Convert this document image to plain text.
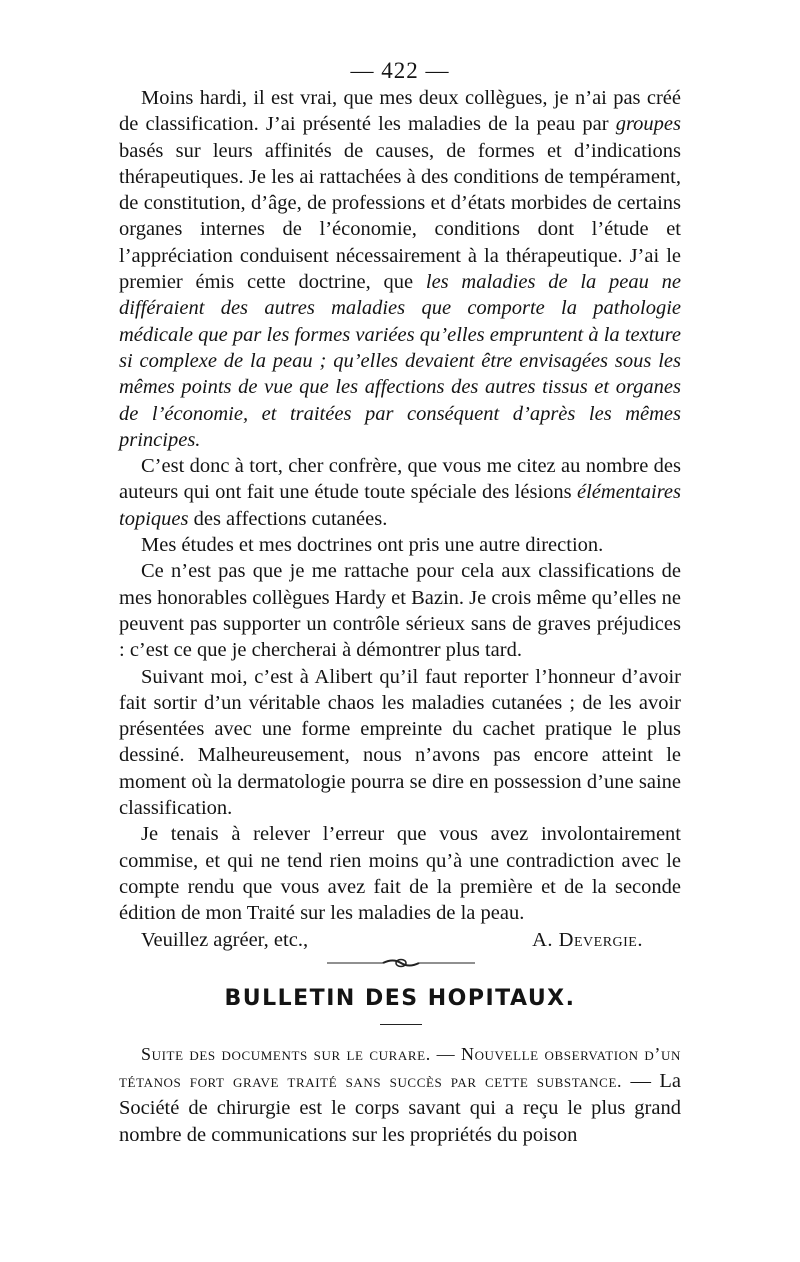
— 422 —

Moins hardi, il est vrai, que mes deux collègues, je n’ai pas créé de classification. J’ai présenté les maladies de la peau par groupes basés sur leurs affinités de causes, de formes et d’indications thérapeutiques. Je les ai rattachées à des conditions de tempérament, de constitution, d’âge, de professions et d’états morbides de certains organes internes de l’économie, conditions dont l’étude et l’appréciation conduisent nécessairement à la thérapeutique. J’ai le premier émis cette doctrine, que les maladies de la peau ne différaient des autres maladies que comporte la pathologie médicale que par les formes variées qu’elles empruntent à la texture si complexe de la peau ; qu’elles devaient être envisagées sous les mêmes points de vue que les affections des autres tissus et organes de l’économie, et traitées par conséquent d’après les mêmes principes.

C’est donc à tort, cher confrère, que vous me citez au nombre des auteurs qui ont fait une étude toute spéciale des lésions élémentaires topiques des affections cutanées.

Mes études et mes doctrines ont pris une autre direction.

Ce n’est pas que je me rattache pour cela aux classifications de mes honorables collègues Hardy et Bazin. Je crois même qu’elles ne peuvent pas supporter un contrôle sérieux sans de graves préjudices : c’est ce que je chercherai à démontrer plus tard.

Suivant moi, c’est à Alibert qu’il faut reporter l’honneur d’avoir fait sortir d’un véritable chaos les maladies cutanées ; de les avoir présentées avec une forme empreinte du cachet pratique le plus dessiné. Malheureusement, nous n’avons pas encore atteint le moment où la dermatologie pourra se dire en possession d’une saine classification.

Je tenais à relever l’erreur que vous avez involontairement commise, et qui ne tend rien moins qu’à une contradiction avec le compte rendu que vous avez fait de la première et de la seconde édition de mon Traité sur les maladies de la peau.

Veuillez agréer, etc.,	A. Devergie.
BULLETIN DES HOPITAUX.

Suite des documents sur le curare. — Nouvelle observation d’un tétanos fort grave traité sans succès par cette substance. — La Société de chirurgie est le corps savant qui a reçu le plus grand nombre de communications sur les propriétés du poison
